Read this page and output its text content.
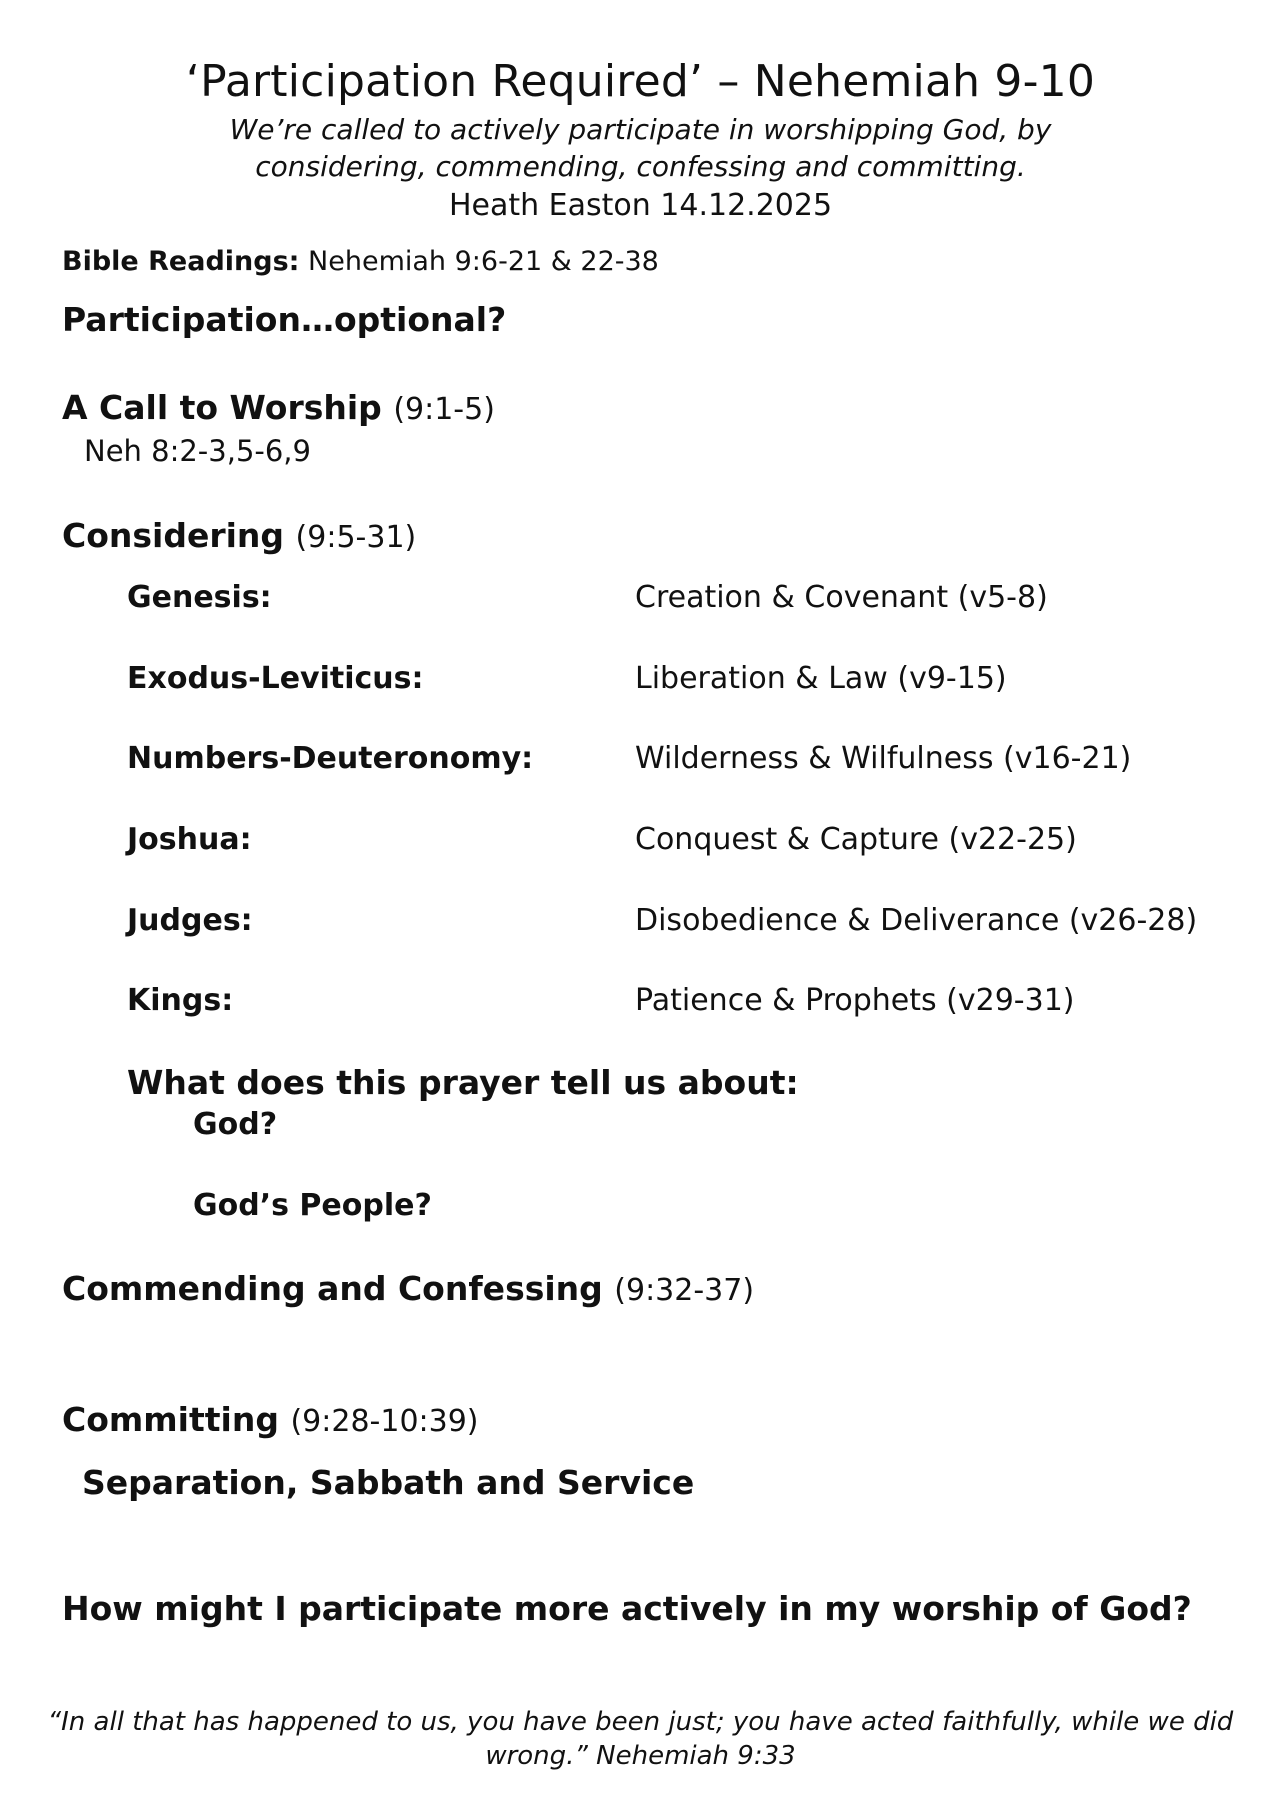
‘Participation Required’ – Nehemiah 9-10
We’re called to actively participate in worshipping God, by
considering, commending, confessing and committing.
Heath Easton 14.12.2025
Bible Readings: Nehemiah 9:6-21 & 22-38
Participation…optional?
A Call to Worship (9:1-5)
Neh 8:2-3,5-6,9
Considering (9:5-31)
Genesis:	Creation & Covenant (v5-8)
Exodus-Leviticus:	Liberation & Law (v9-15)
Numbers-Deuteronomy:	Wilderness & Wilfulness (v16-21)
Joshua:	Conquest & Capture (v22-25)
Judges:	Disobedience & Deliverance (v26-28)
Kings:	Patience & Prophets (v29-31)
What does this prayer tell us about:
God?
God’s People?
Commending and Confessing (9:32-37)
Committing (9:28-10:39)
Separation, Sabbath and Service
How might I participate more actively in my worship of God?
“In all that has happened to us, you have been just; you have acted faithfully, while we did wrong.” Nehemiah 9:33
